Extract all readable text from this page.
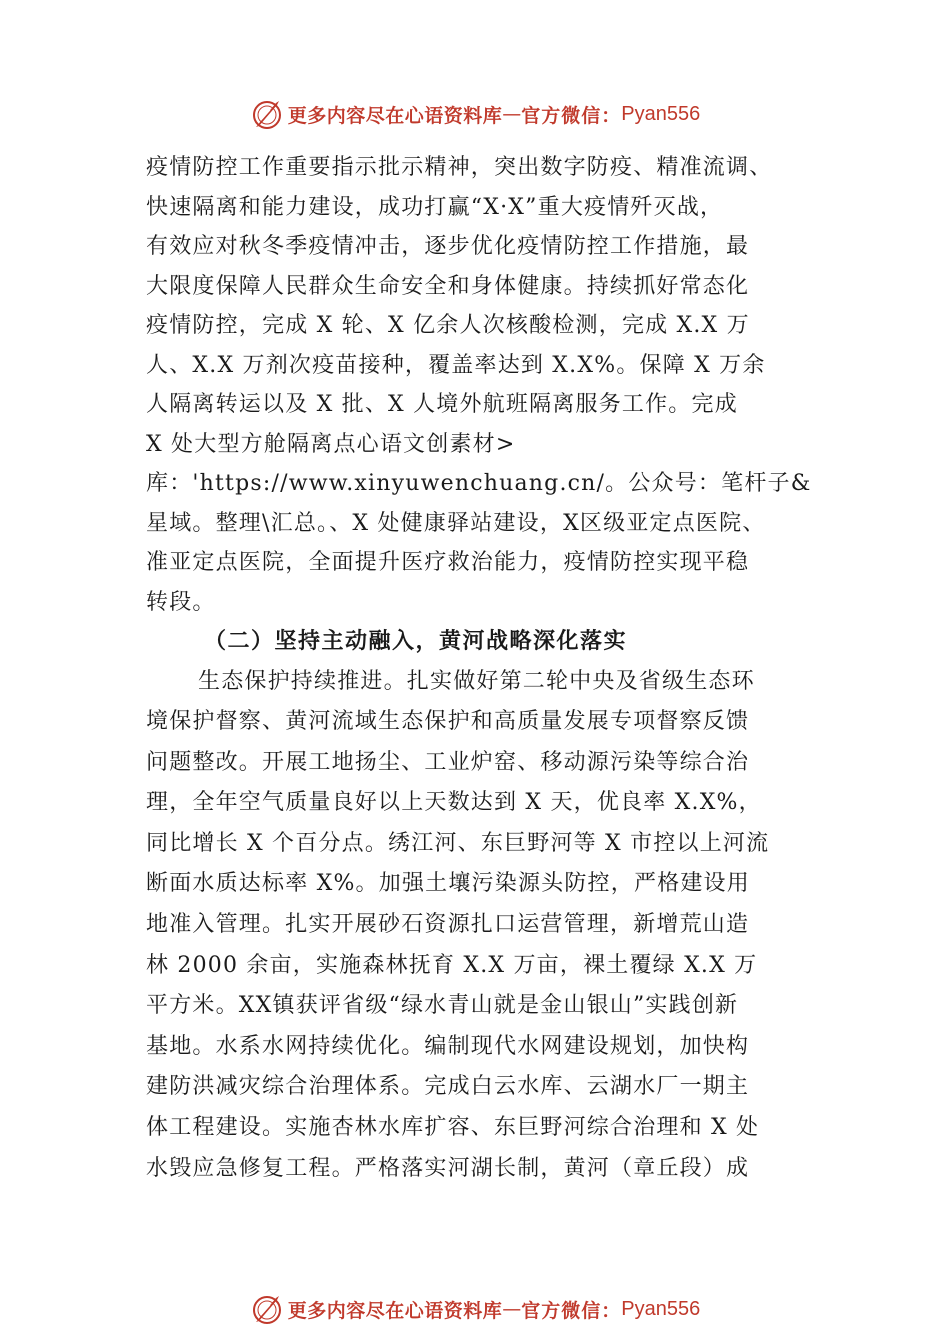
更多内容尽在心语资料库 — 官方微信： Pyan556
疫情防控工作重要指示批示精神，突出数字防疫、精准流调、
快速隔离和能力建设，成功打赢“X·X”重大疫情歼灭战，
有效应对秋冬季疫情冲击，逐步优化疫情防控工作措施，最
大限度保障人民群众生命安全和身体健康。持续抓好常态化
疫情防控，完成 X 轮、X 亿余人次核酸检测，完成 X.X 万
人、X.X 万剂次疫苗接种，覆盖率达到 X.X%。保障 X 万余
人隔离转运以及 X 批、X 人境外航班隔离服务工作。完成
X 处大型方舱隔离点心语文创素材>
库：'https://www.xinyuwenchuang.cn/。公众号：笔杆子&
星域。整理\汇总。、X 处健康驿站建设，X区级亚定点医院、
准亚定点医院，全面提升医疗救治能力，疫情防控实现平稳
转段。
（二）坚持主动融入，黄河战略深化落实
生态保护持续推进。扎实做好第二轮中央及省级生态环
境保护督察、黄河流域生态保护和高质量发展专项督察反馈
问题整改。开展工地扬尘、工业炉窑、移动源污染等综合治
理，全年空气质量良好以上天数达到 X 天，优良率 X.X%，
同比增长 X 个百分点。绣江河、东巨野河等 X 市控以上河流
断面水质达标率 X%。加强土壤污染源头防控，严格建设用
地准入管理。扎实开展砂石资源扎口运营管理，新增荒山造
林 2000 余亩，实施森林抚育 X.X 万亩，裸土覆绿 X.X 万
平方米。XX镇获评省级“绿水青山就是金山银山”实践创新
基地。水系水网持续优化。编制现代水网建设规划，加快构
建防洪减灾综合治理体系。完成白云水库、云湖水厂一期主
体工程建设。实施杏林水库扩容、东巨野河综合治理和 X 处
水毁应急修复工程。严格落实河湖长制，黄河（章丘段）成
更多内容尽在心语资料库 — 官方微信： Pyan556
